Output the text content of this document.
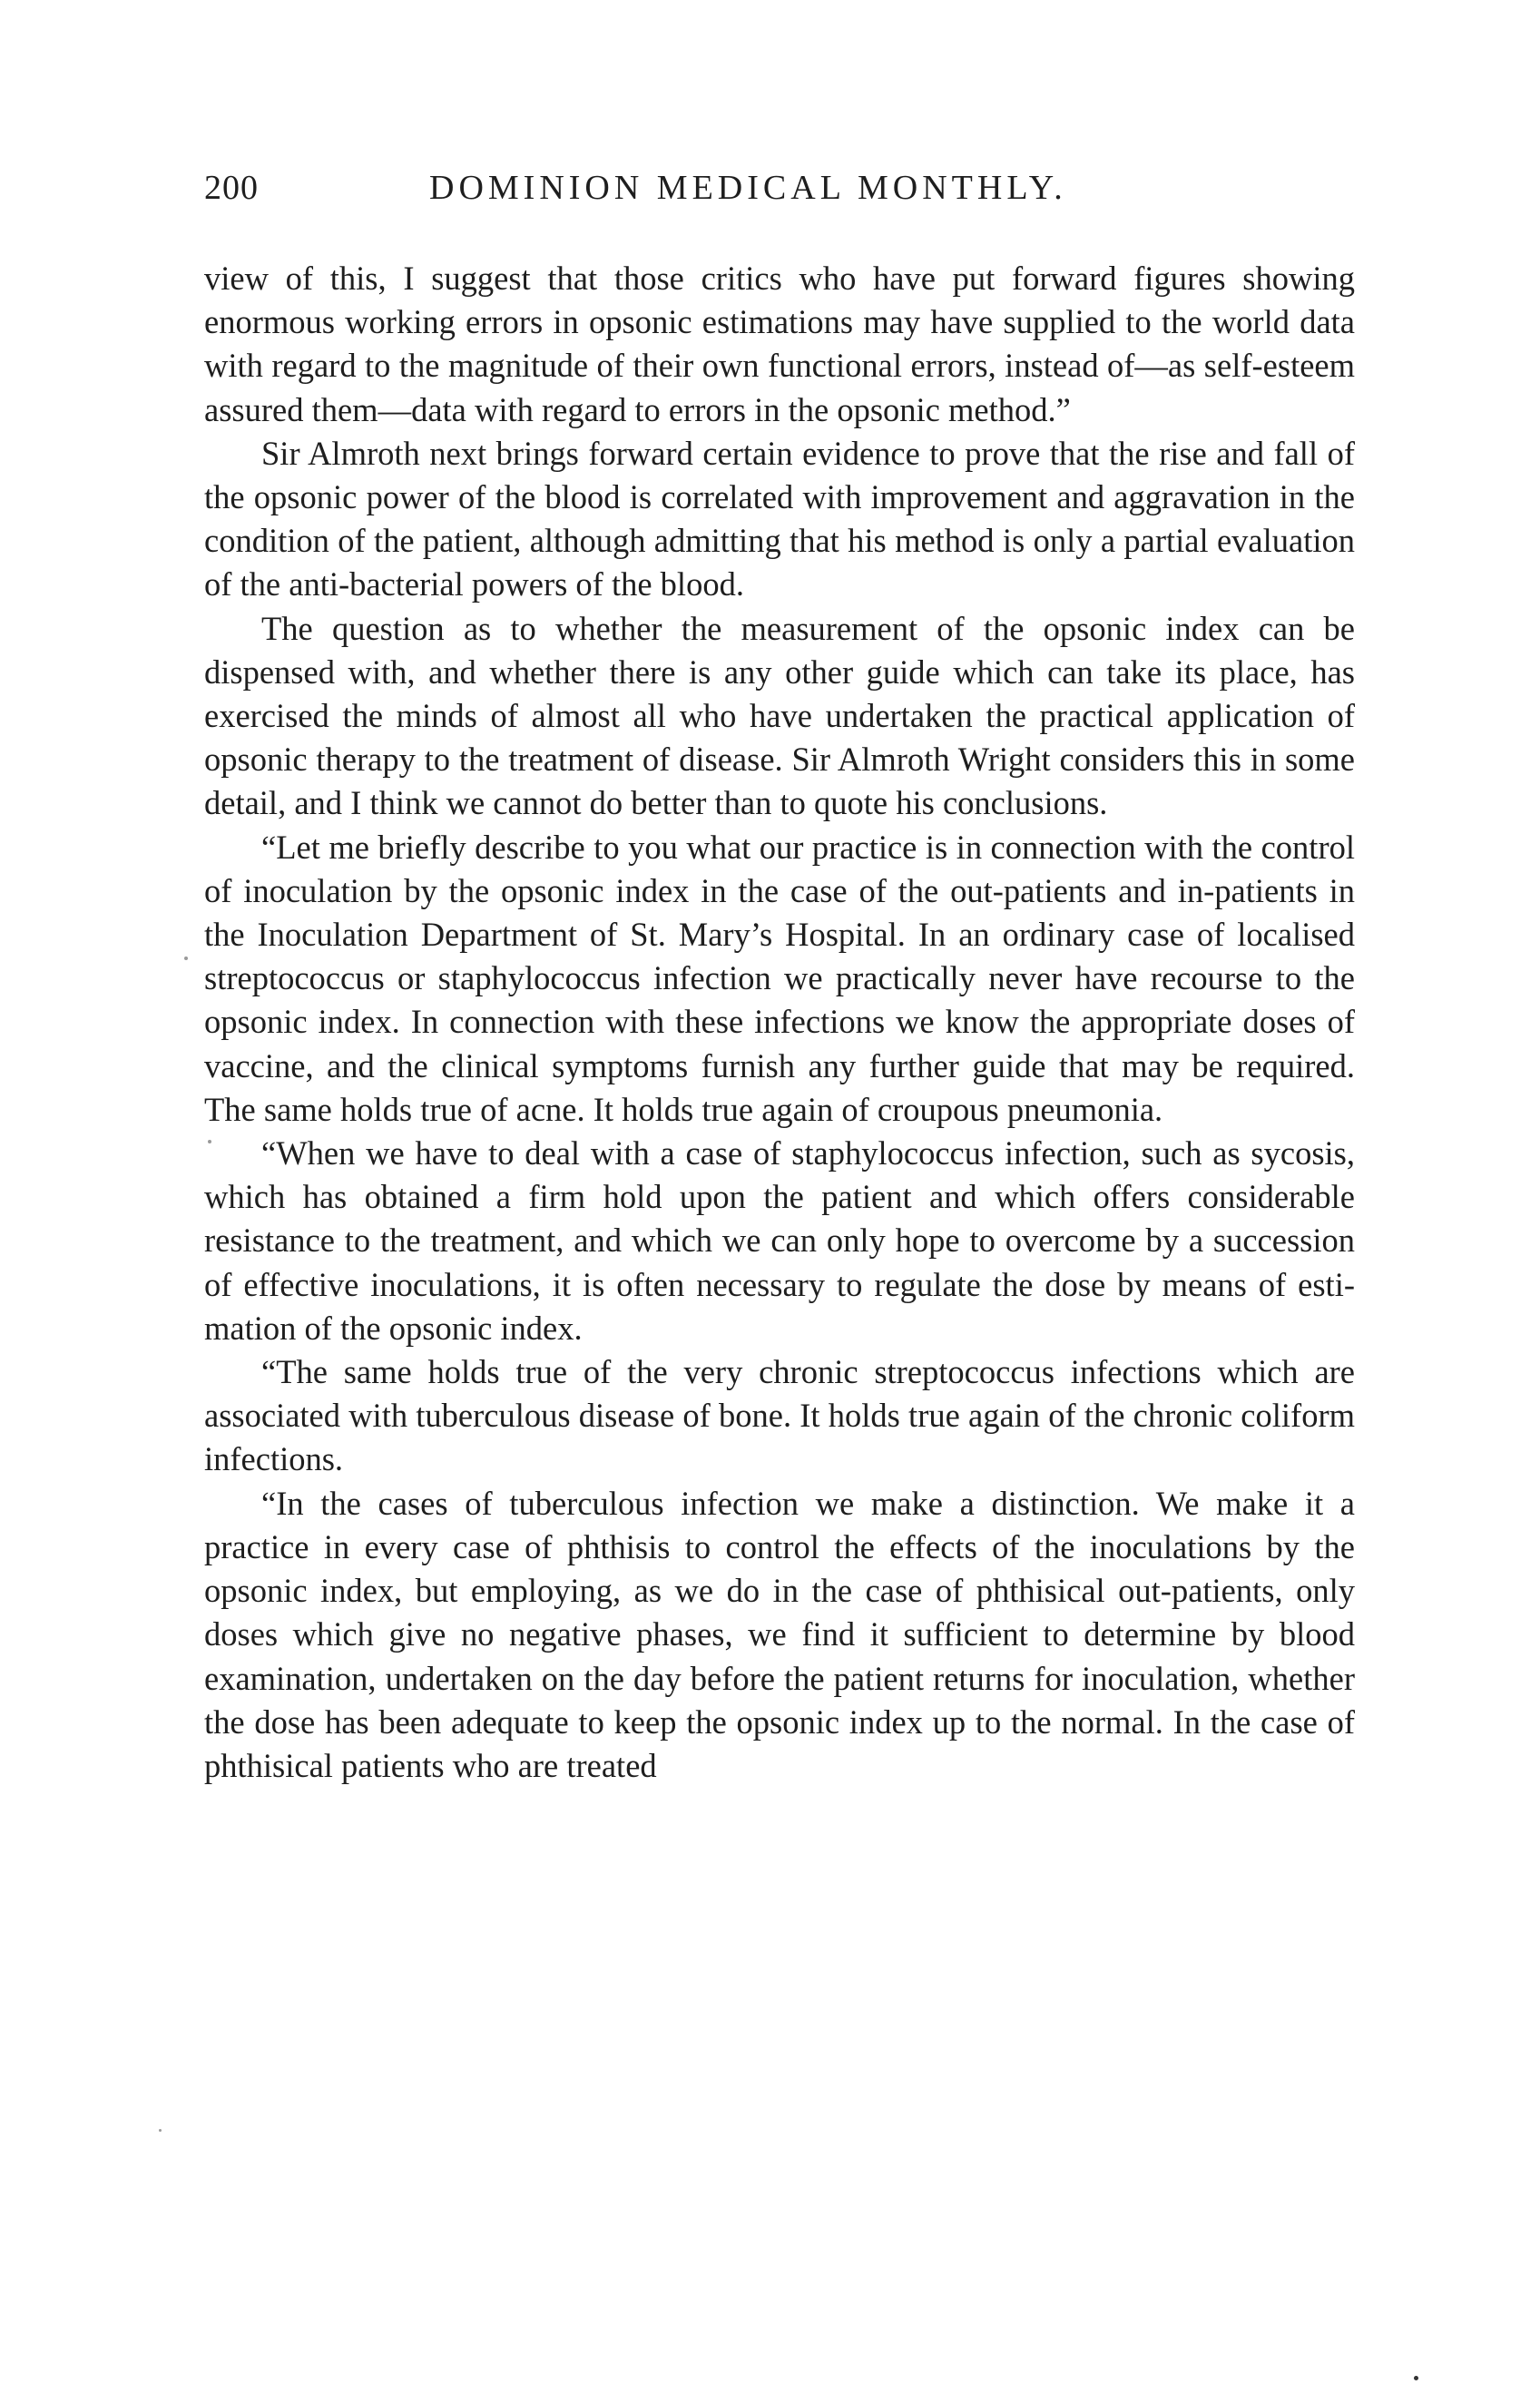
200	DOMINION MEDICAL MONTHLY.

view of this, I suggest that those critics who have put forward figures showing enormous working errors in opsonic estimations may have supplied to the world data with regard to the magnitude of their own functional errors, instead of—as self-esteem assured them—data with regard to errors in the opsonic method.”

Sir Almroth next brings forward certain evidence to prove that the rise and fall of the opsonic power of the blood is correlated with improvement and aggravation in the condition of the patient, although admitting that his method is only a partial evaluation of the anti-bacterial powers of the blood.

The question as to whether the measurement of the opsonic index can be dispensed with, and whether there is any other guide which can take its place, has exercised the minds of almost all who have undertaken the practical application of opsonic therapy to the treatment of disease. Sir Almroth Wright considers this in some detail, and I think we cannot do better than to quote his conclusions.

“Let me briefly describe to you what our practice is in connection with the control of inoculation by the opsonic index in the case of the out-patients and in-patients in the Inoculation Department of St. Mary’s Hospital. In an ordinary case of localised streptococcus or staphylococcus infection we practically never have recourse to the opsonic index. In connection with these infections we know the appropriate doses of vaccine, and the clinical symptoms furnish any further guide that may be required. The same holds true of acne. It holds true again of croupous pneumonia.

“When we have to deal with a case of staphylococcus infection, such as sycosis, which has obtained a firm hold upon the patient and which offers considerable resistance to the treatment, and which we can only hope to overcome by a succession of effective inoculations, it is often necessary to regulate the dose by means of estimation of the opsonic index.

“The same holds true of the very chronic streptococcus infections which are associated with tuberculous disease of bone. It holds true again of the chronic coliform infections.

“In the cases of tuberculous infection we make a distinction. We make it a practice in every case of phthisis to control the effects of the inoculations by the opsonic index, but employing, as we do in the case of phthisical out-patients, only doses which give no negative phases, we find it sufficient to determine by blood examination, undertaken on the day before the patient returns for inoculation, whether the dose has been adequate to keep the opsonic index up to the normal. In the case of phthisical patients who are treated
